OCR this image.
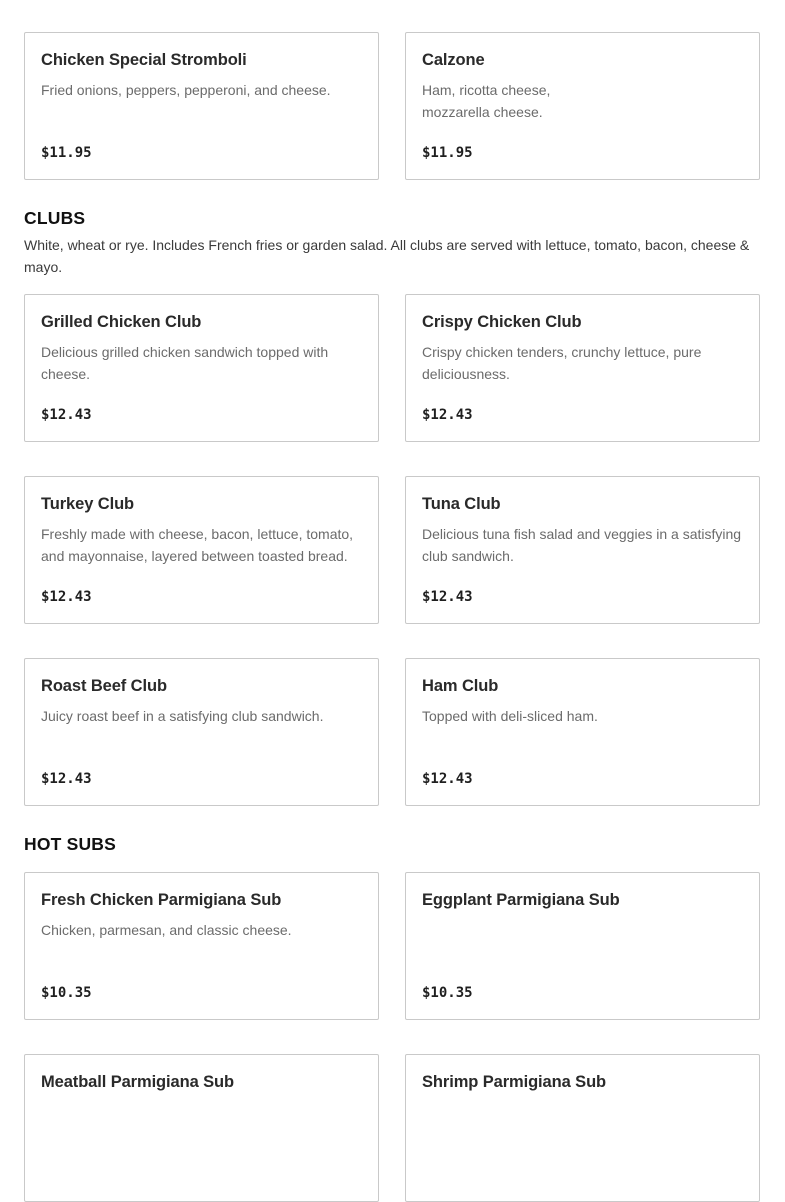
Chicken Special Stromboli
Fried onions, peppers, pepperoni, and cheese.
$11.95
Calzone
Ham, ricotta cheese, mozzarella cheese.
$11.95
CLUBS
White, wheat or rye. Includes French fries or garden salad. All clubs are served with lettuce, tomato, bacon, cheese & mayo.
Grilled Chicken Club
Delicious grilled chicken sandwich topped with cheese.
$12.43
Crispy Chicken Club
Crispy chicken tenders, crunchy lettuce, pure deliciousness.
$12.43
Turkey Club
Freshly made with cheese, bacon, lettuce, tomato, and mayonnaise, layered between toasted bread.
$12.43
Tuna Club
Delicious tuna fish salad and veggies in a satisfying club sandwich.
$12.43
Roast Beef Club
Juicy roast beef in a satisfying club sandwich.
$12.43
Ham Club
Topped with deli-sliced ham.
$12.43
HOT SUBS
Fresh Chicken Parmigiana Sub
Chicken, parmesan, and classic cheese.
$10.35
Eggplant Parmigiana Sub
$10.35
Meatball Parmigiana Sub	Shrimp Parmigiana Sub
